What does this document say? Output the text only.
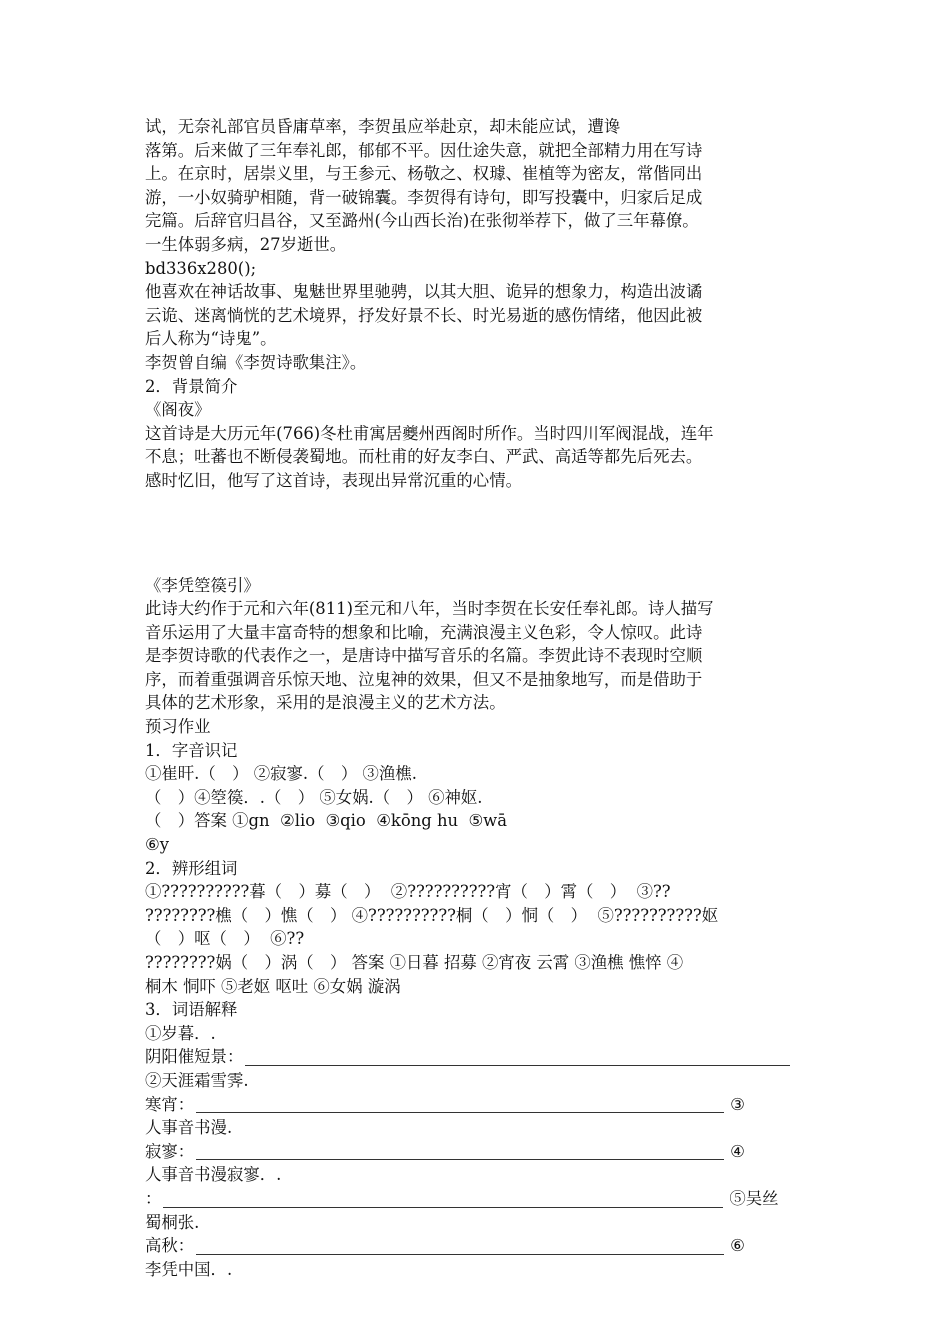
试，无奈礼部官员昏庸草率，李贺虽应举赴京，却未能应试，遭谗
落第。后来做了三年奉礼郎，郁郁不平。因仕途失意，就把全部精力用在写诗
上。在京时，居崇义里，与王参元、杨敬之、权璩、崔植等为密友，常偕同出
游，一小奴骑驴相随，背一破锦囊。李贺得有诗句，即写投囊中，归家后足成
完篇。后辞官归昌谷，又至潞州(今山西长治)在张彻举荐下，做了三年幕僚。
一生体弱多病，27岁逝世。
bd336x280();
他喜欢在神话故事、鬼魅世界里驰骋，以其大胆、诡异的想象力，构造出波谲
云诡、迷离惝恍的艺术境界，抒发好景不长、时光易逝的感伤情绪，他因此被
后人称为“诗鬼”。
李贺曾自编《李贺诗歌集注》。
2．背景简介
《阁夜》
这首诗是大历元年(766)冬杜甫寓居夔州西阁时所作。当时四川军阀混战，连年
不息；吐蕃也不断侵袭蜀地。而杜甫的好友李白、严武、高适等都先后死去。
感时忆旧，他写了这首诗，表现出异常沉重的心情。
《李凭箜篌引》
此诗大约作于元和六年(811)至元和八年，当时李贺在长安任奉礼郎。诗人描写
音乐运用了大量丰富奇特的想象和比喻，充满浪漫主义色彩，令人惊叹。此诗
是李贺诗歌的代表作之一，是唐诗中描写音乐的名篇。李贺此诗不表现时空顺
序，而着重强调音乐惊天地、泣鬼神的效果，但又不是抽象地写，而是借助于
具体的艺术形象，采用的是浪漫主义的艺术方法。
预习作业
1．字音识记
①崔旰.（　） ②寂寥.（　） ③渔樵.
（　）④箜篌．.（　） ⑤女娲.（　） ⑥神妪.
（　）答案 ①gn  ②lio  ③qio  ④kōng hu  ⑤wā
⑥y
2．辨形组词
①??????????暮（　）募（　）  ②??????????宵（　）霄（　）  ③??
????????樵（　）憔（　） ④??????????桐（　）恫（　）  ⑤??????????妪
（　）呕（　）  ⑥??
????????娲（　）涡（　） 答案 ①日暮 招募 ②宵夜 云霄 ③渔樵 憔悴 ④
桐木 恫吓 ⑤老妪 呕吐 ⑥女娲 漩涡
3．词语解释
①岁暮．.
阴阳催短景：
②天涯霜雪霁.
寒宵：	③
人事音书漫.
寂寥：	④
人事音书漫寂寥．.
：	⑤吴丝
蜀桐张.
高秋：	⑥
李凭中国．.
